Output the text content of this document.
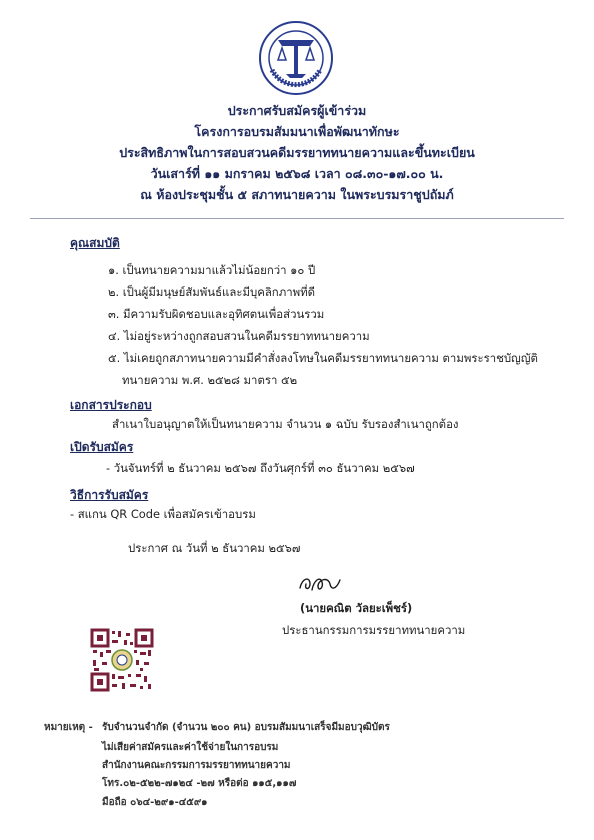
ประกาศรับสมัครผู้เข้าร่วม
โครงการอบรมสัมมนาเพื่อพัฒนาทักษะ
ประสิทธิภาพในการสอบสวนคดีมรรยาททนายความและขึ้นทะเบียน
วันเสาร์ที่ ๑๑ มกราคม ๒๕๖๘ เวลา ๐๘.๓๐-๑๗.๐๐ น.
ณ ห้องประชุมชั้น ๕ สภาทนายความ ในพระบรมราชูปถัมภ์
คุณสมบัติ
๑. เป็นทนายความมาแล้วไม่น้อยกว่า ๑๐ ปี
๒. เป็นผู้มีมนุษย์สัมพันธ์และมีบุคลิกภาพที่ดี
๓. มีความรับผิดชอบและอุทิศตนเพื่อส่วนรวม
๔. ไม่อยู่ระหว่างถูกสอบสวนในคดีมรรยาททนายความ
๕. ไม่เคยถูกสภาทนายความมีคำสั่งลงโทษในคดีมรรยาททนายความ ตามพระราชบัญญัติ
ทนายความ พ.ศ. ๒๕๒๘ มาตรา ๕๒
เอกสารประกอบ
สำเนาใบอนุญาตให้เป็นทนายความ จำนวน ๑ ฉบับ รับรองสำเนาถูกต้อง
เปิดรับสมัคร
- วันจันทร์ที่ ๒ ธันวาคม ๒๕๖๗ ถึงวันศุกร์ที่ ๓๐ ธันวาคม ๒๕๖๗
วิธีการรับสมัคร
- สแกน QR Code เพื่อสมัครเข้าอบรม
ประกาศ ณ วันที่ ๒ ธันวาคม ๒๕๖๗
(นายคณิต วัลยะเพ็ชร์)
ประธานกรรมการมรรยาททนายความ
หมายเหตุ - รับจำนวนจำกัด (จำนวน ๒๐๐ คน) อบรมสัมมนาเสร็จมีมอบวุฒิบัตร
ไม่เสียค่าสมัครและค่าใช้จ่ายในการอบรม
สำนักงานคณะกรรมการมรรยาททนายความ
โทร.๐๒-๕๒๒-๗๑๒๔ -๒๗ หรือต่อ ๑๑๕,๑๑๗
มือถือ ๐๖๔-๒๙๑-๔๕๙๑
